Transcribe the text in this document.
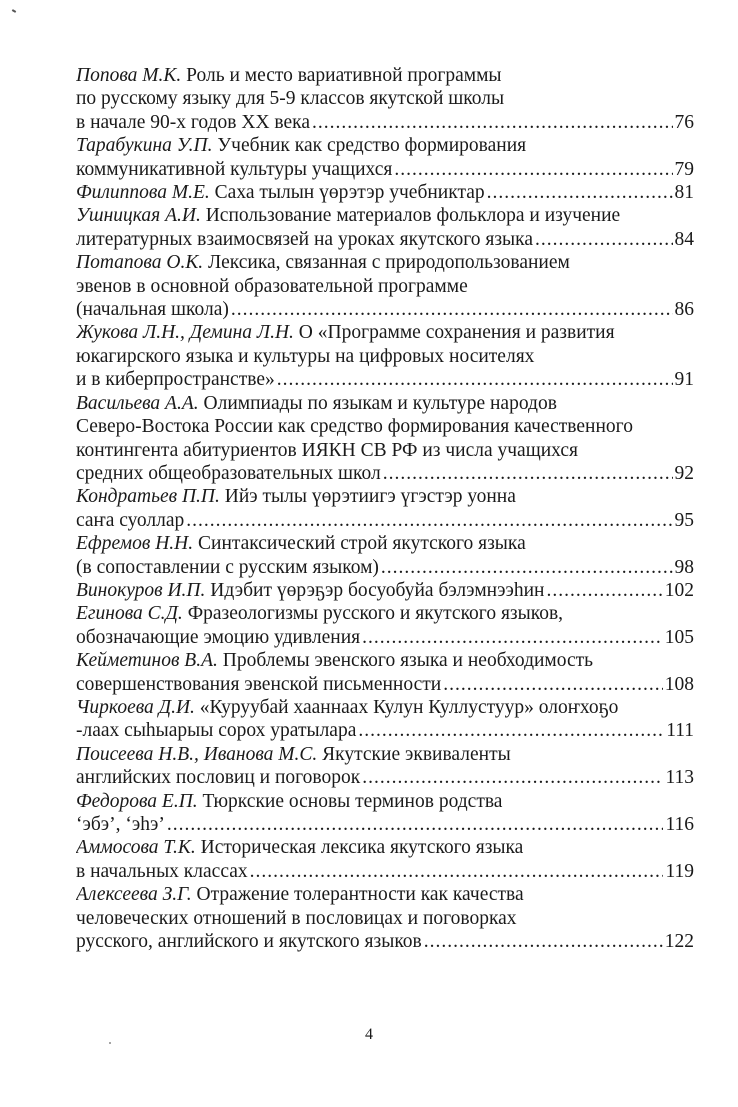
Попова М.К. Роль и место вариативной программы
по русскому языку для 5-9 классов якутской школы
в начале 90-х годов XX века .....	76
Тарабукина У.П. Учебник как средство формирования
коммуникативной культуры учащихся .....	79
Филиппова М.Е. Саха тылын үөрэтэр учебниктар .....	81
Ушницкая А.И. Использование материалов фольклора и изучение
литературных взаимосвязей на уроках якутского языка .....	84
Потапова О.К. Лексика, связанная с природопользованием
эвенов в основной образовательной программе
(начальная школа) .....	86
Жукова Л.Н., Демина Л.Н. О «Программе сохранения и развития
юкагирского языка и культуры на цифровых носителях
и в киберпространстве» .....	91
Васильева А.А. Олимпиады по языкам и культуре народов
Северо-Востока России как средство формирования качественного
контингента абитуриентов ИЯКН СВ РФ из числа учащихся
средних общеобразовательных школ .....	92
Кондратьев П.П. Ийэ тылы үөрэтиигэ үгэстэр уонна
саҥа суоллар .....	95
Ефремов Н.Н. Синтаксический строй якутского языка
(в сопоставлении с русским языком) .....	98
Винокуров И.П. Идэбит үөрэҕэр босуобуйа бэлэмнээһин .....	102
Егинова С.Д. Фразеологизмы русского и якутского языков,
обозначающие эмоцию удивления .....	105
Кейметинов В.А. Проблемы эвенского языка и необходимость
совершенствования эвенской письменности .....	108
Чиркоева Д.И. «Куруубай хааннаах Кулун Куллустуур» олоҥхоҕо
-лаах сыһыарыы сорох уратылара .....	111
Поисеева Н.В., Иванова М.С. Якутские эквиваленты
английских пословиц и поговорок .....	113
Федорова Е.П. Тюркские основы терминов родства
‘эбэ’, ‘эһэ’ .....	116
Аммосова Т.К. Историческая лексика якутского языка
в начальных классах .....	119
Алексеева З.Г. Отражение толерантности как качества
человеческих отношений в пословицах и поговорках
русского, английского и якутского языков .....	122
4
